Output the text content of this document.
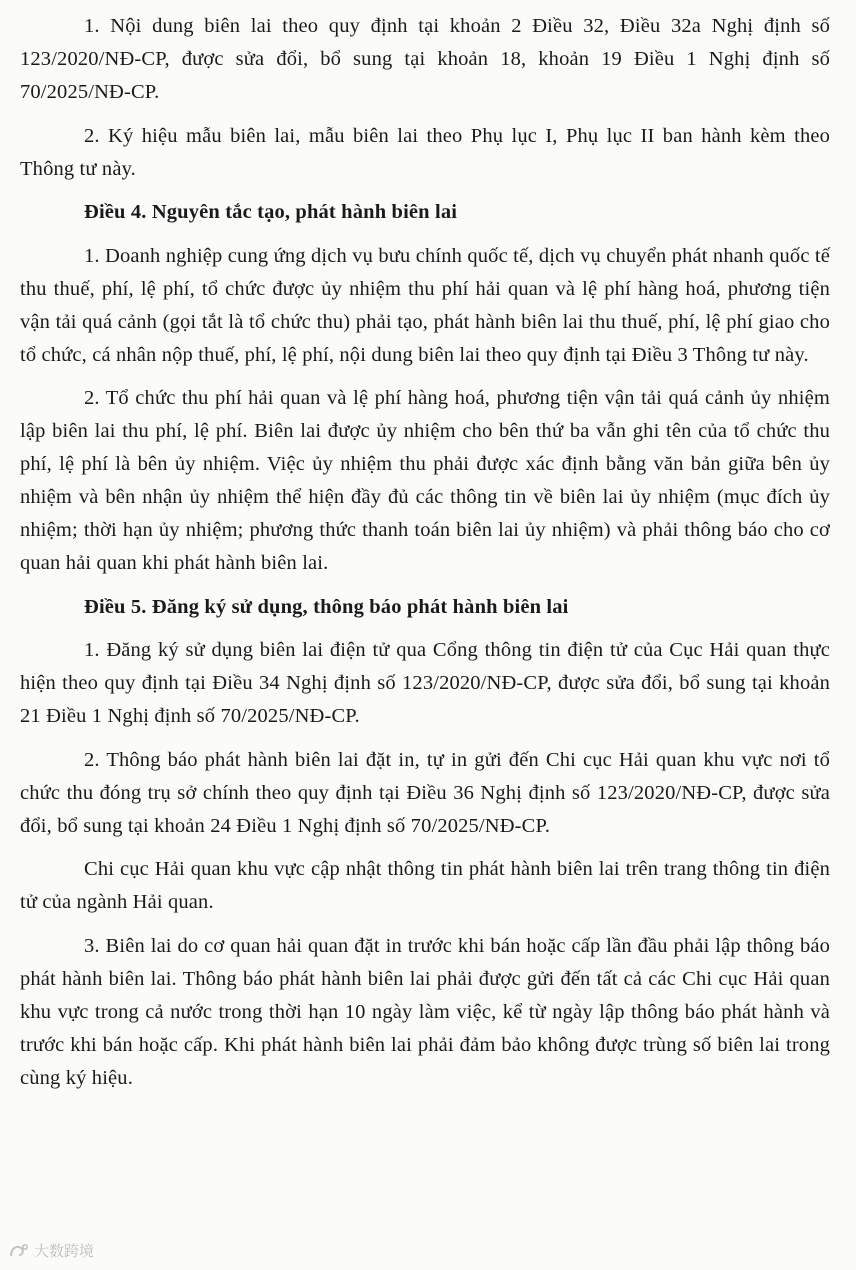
1. Nội dung biên lai theo quy định tại khoản 2 Điều 32, Điều 32a Nghị định số 123/2020/NĐ-CP, được sửa đổi, bổ sung tại khoản 18, khoản 19 Điều 1 Nghị định số 70/2025/NĐ-CP.

2. Ký hiệu mẫu biên lai, mẫu biên lai theo Phụ lục I, Phụ lục II ban hành kèm theo Thông tư này.

Điều 4. Nguyên tắc tạo, phát hành biên lai

1. Doanh nghiệp cung ứng dịch vụ bưu chính quốc tế, dịch vụ chuyển phát nhanh quốc tế thu thuế, phí, lệ phí, tổ chức được ủy nhiệm thu phí hải quan và lệ phí hàng hoá, phương tiện vận tải quá cảnh (gọi tắt là tổ chức thu) phải tạo, phát hành biên lai thu thuế, phí, lệ phí giao cho tổ chức, cá nhân nộp thuế, phí, lệ phí, nội dung biên lai theo quy định tại Điều 3 Thông tư này.

2. Tổ chức thu phí hải quan và lệ phí hàng hoá, phương tiện vận tải quá cảnh ủy nhiệm lập biên lai thu phí, lệ phí. Biên lai được ủy nhiệm cho bên thứ ba vẫn ghi tên của tổ chức thu phí, lệ phí là bên ủy nhiệm. Việc ủy nhiệm thu phải được xác định bằng văn bản giữa bên ủy nhiệm và bên nhận ủy nhiệm thể hiện đầy đủ các thông tin về biên lai ủy nhiệm (mục đích ủy nhiệm; thời hạn ủy nhiệm; phương thức thanh toán biên lai ủy nhiệm) và phải thông báo cho cơ quan hải quan khi phát hành biên lai.

Điều 5. Đăng ký sử dụng, thông báo phát hành biên lai

1. Đăng ký sử dụng biên lai điện tử qua Cổng thông tin điện tử của Cục Hải quan thực hiện theo quy định tại Điều 34 Nghị định số 123/2020/NĐ-CP, được sửa đổi, bổ sung tại khoản 21 Điều 1 Nghị định số 70/2025/NĐ-CP.

2. Thông báo phát hành biên lai đặt in, tự in gửi đến Chi cục Hải quan khu vực nơi tổ chức thu đóng trụ sở chính theo quy định tại Điều 36 Nghị định số 123/2020/NĐ-CP, được sửa đổi, bổ sung tại khoản 24 Điều 1 Nghị định số 70/2025/NĐ-CP.

Chi cục Hải quan khu vực cập nhật thông tin phát hành biên lai trên trang thông tin điện tử của ngành Hải quan.

3. Biên lai do cơ quan hải quan đặt in trước khi bán hoặc cấp lần đầu phải lập thông báo phát hành biên lai. Thông báo phát hành biên lai phải được gửi đến tất cả các Chi cục Hải quan khu vực trong cả nước trong thời hạn 10 ngày làm việc, kể từ ngày lập thông báo phát hành và trước khi bán hoặc cấp. Khi phát hành biên lai phải đảm bảo không được trùng số biên lai trong cùng ký hiệu.

大数跨境
